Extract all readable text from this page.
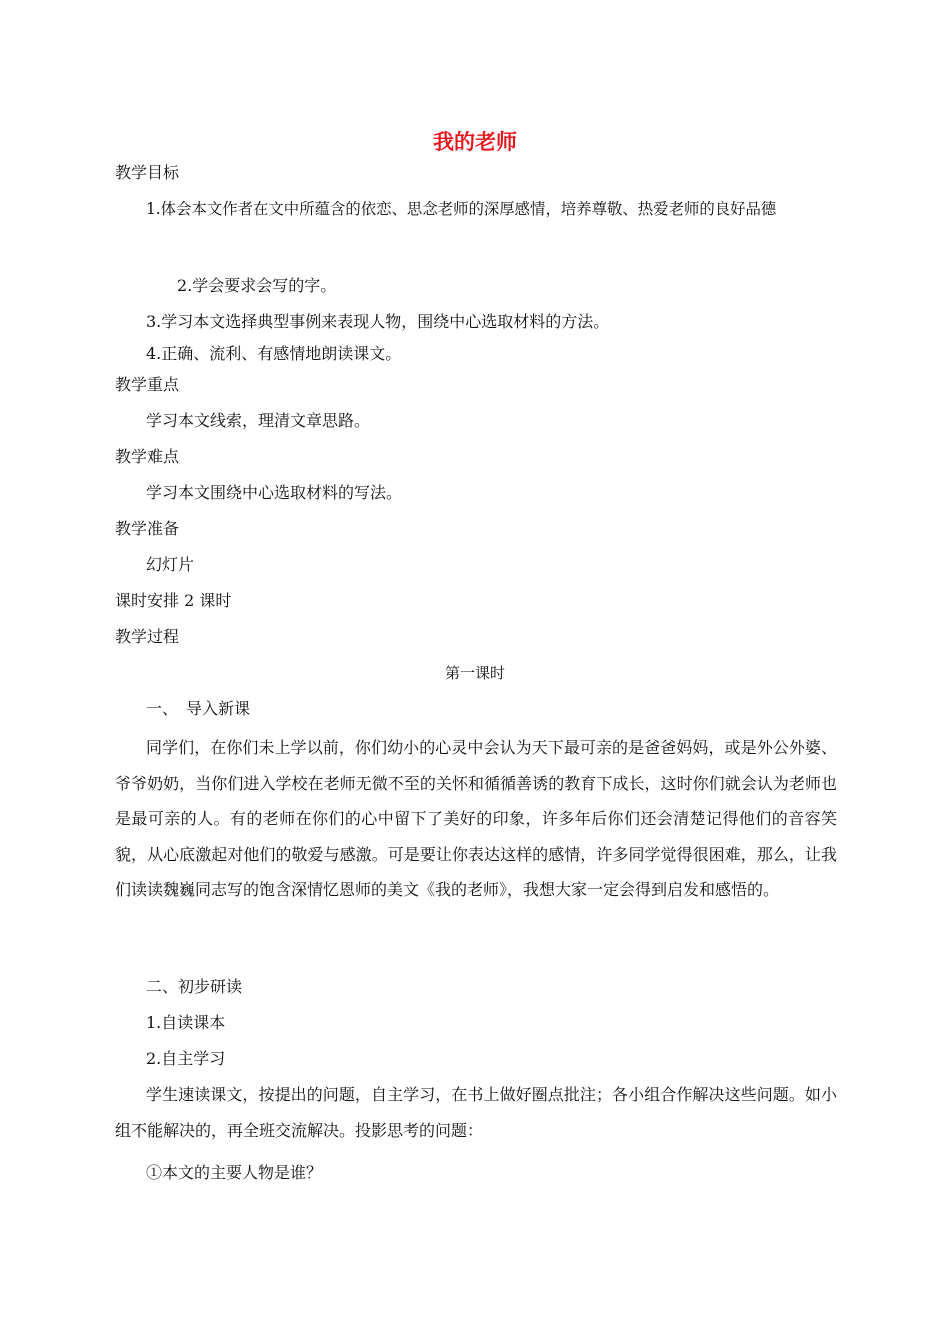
我的老师
教学目标
1.体会本文作者在文中所蕴含的依恋、思念老师的深厚感情，培养尊敬、热爱老师的良好品德
2.学会要求会写的字。
3.学习本文选择典型事例来表现人物，围绕中心选取材料的方法。
4.正确、流利、有感情地朗读课文。
教学重点
学习本文线索，理清文章思路。
教学难点
学习本文围绕中心选取材料的写法。
教学准备
幻灯片
课时安排 2 课时
教学过程
第一课时
一、　导入新课

同学们，在你们未上学以前，你们幼小的心灵中会认为天下最可亲的是爸爸妈妈，或是外公外婆、爷爷奶奶，当你们进入学校在老师无微不至的关怀和循循善诱的教育下成长，这时你们就会认为老师也是最可亲的人。有的老师在你们的心中留下了美好的印象，许多年后你们还会清楚记得他们的音容笑貌，从心底激起对他们的敬爱与感激。可是要让你表达这样的感情，许多同学觉得很困难，那么，让我们读读魏巍同志写的饱含深情忆恩师的美文《我的老师》，我想大家一定会得到启发和感悟的。

二、初步研读
1.自读课本
2.自主学习

学生速读课文，按提出的问题，自主学习，在书上做好圈点批注；各小组合作解决这些问题。如小组不能解决的，再全班交流解决。投影思考的问题：

①本文的主要人物是谁？
